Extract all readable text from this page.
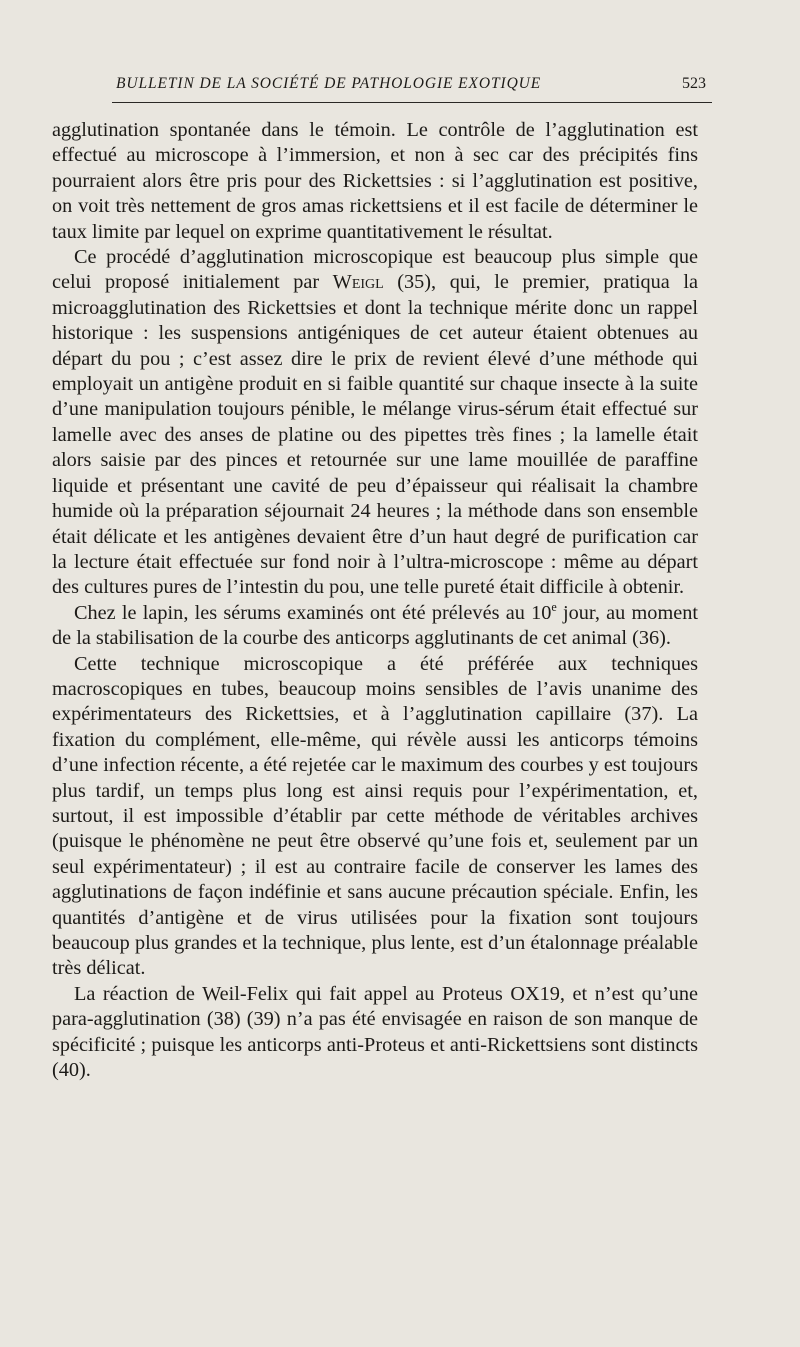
BULLETIN DE LA SOCIÉTÉ DE PATHOLOGIE EXOTIQUE	523

agglutination spontanée dans le témoin. Le contrôle de l’agglutination est effectué au microscope à l’immersion, et non à sec car des précipités fins pourraient alors être pris pour des Rickettsies : si l’agglutination est positive, on voit très nettement de gros amas rickettsiens et il est facile de déterminer le taux limite par lequel on exprime quantitativement le résultat.

Ce procédé d’agglutination microscopique est beaucoup plus simple que celui proposé initialement par Weigl (35), qui, le premier, pratiqua la microagglutination des Rickettsies et dont la technique mérite donc un rappel historique : les suspensions antigéniques de cet auteur étaient obtenues au départ du pou ; c’est assez dire le prix de revient élevé d’une méthode qui employait un antigène produit en si faible quantité sur chaque insecte à la suite d’une manipulation toujours pénible, le mélange virus-sérum était effectué sur lamelle avec des anses de platine ou des pipettes très fines ; la lamelle était alors saisie par des pinces et retournée sur une lame mouillée de paraffine liquide et présentant une cavité de peu d’épaisseur qui réalisait la chambre humide où la préparation séjournait 24 heures ; la méthode dans son ensemble était délicate et les antigènes devaient être d’un haut degré de purification car la lecture était effectuée sur fond noir à l’ultra-microscope : même au départ des cultures pures de l’intestin du pou, une telle pureté était difficile à obtenir.

Chez le lapin, les sérums examinés ont été prélevés au 10e jour, au moment de la stabilisation de la courbe des anticorps agglutinants de cet animal (36).

Cette technique microscopique a été préférée aux techniques macroscopiques en tubes, beaucoup moins sensibles de l’avis unanime des expérimentateurs des Rickettsies, et à l’agglutination capillaire (37). La fixation du complément, elle-même, qui révèle aussi les anticorps témoins d’une infection récente, a été rejetée car le maximum des courbes y est toujours plus tardif, un temps plus long est ainsi requis pour l’expérimentation, et, surtout, il est impossible d’établir par cette méthode de véritables archives (puisque le phénomène ne peut être observé qu’une fois et, seulement par un seul expérimentateur) ; il est au contraire facile de conserver les lames des agglutinations de façon indéfinie et sans aucune précaution spéciale. Enfin, les quantités d’antigène et de virus utilisées pour la fixation sont toujours beaucoup plus grandes et la technique, plus lente, est d’un étalonnage préalable très délicat.

La réaction de Weil-Felix qui fait appel au Proteus OX19, et n’est qu’une para-agglutination (38) (39) n’a pas été envisagée en raison de son manque de spécificité ; puisque les anticorps anti-Proteus et anti-Rickettsiens sont distincts (40).
